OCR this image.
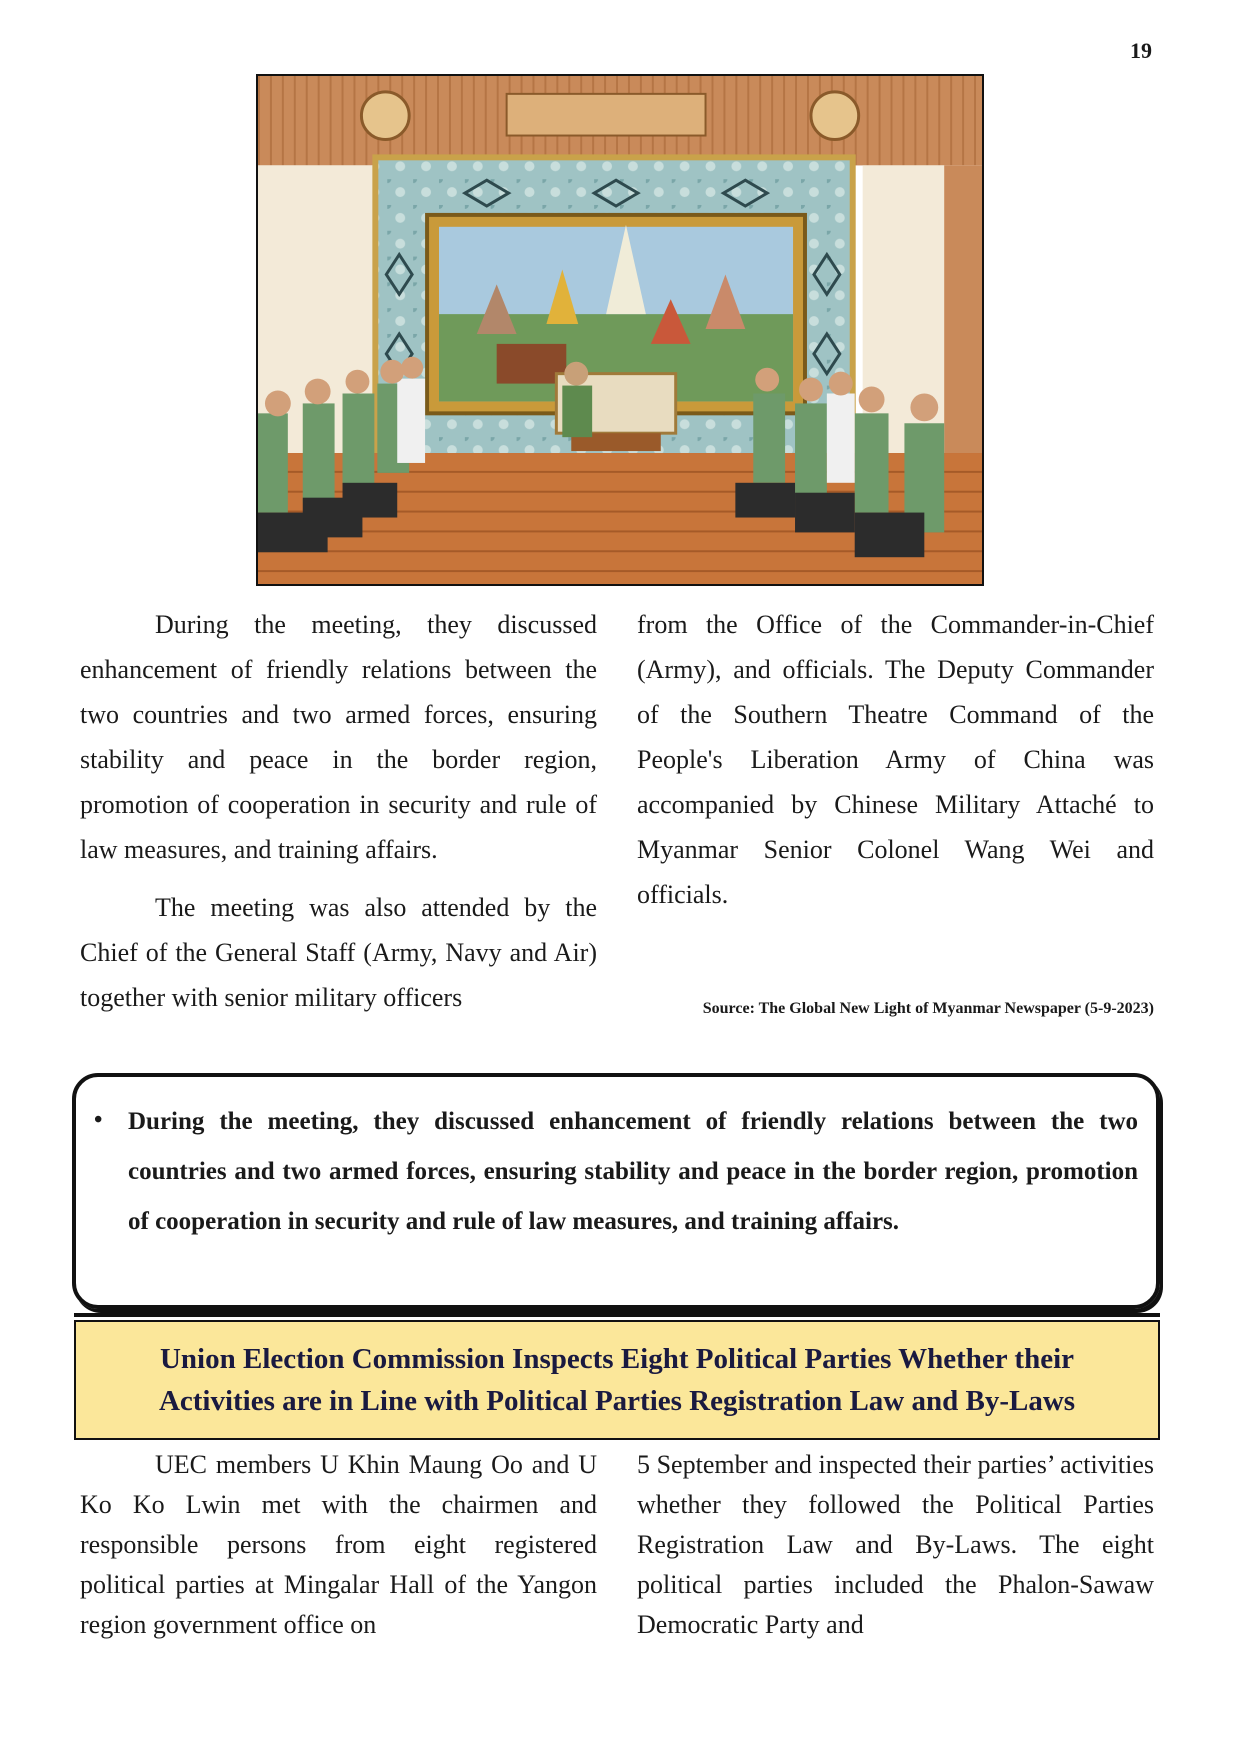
19

During the meeting, they discussed enhancement of friendly relations between the two countries and two armed forces, ensuring stability and peace in the border region, promotion of cooperation in security and rule of law measures, and training affairs.

The meeting was also attended by the Chief of the General Staff (Army, Navy and Air) together with senior military officers

from the Office of the Commander-in-Chief (Army), and officials. The Deputy Commander of the Southern Theatre Command of the People's Liberation Army of China was accompanied by Chinese Military Attaché to Myanmar Senior Colonel Wang Wei and officials.

Source: The Global New Light of Myanmar Newspaper (5-9-2023)
• During the meeting, they discussed enhancement of friendly relations between the two countries and two armed forces, ensuring stability and peace in the border region, promotion of cooperation in security and rule of law measures, and training affairs.
Union Election Commission Inspects Eight Political Parties Whether their Activities are in Line with Political Parties Registration Law and By-Laws

UEC members U Khin Maung Oo and U Ko Ko Lwin met with the chairmen and responsible persons from eight registered political parties at Mingalar Hall of the Yangon region government office on

5 September and inspected their parties’ activities whether they followed the Political Parties Registration Law and By-Laws. The eight political parties included the Phalon-Sawaw Democratic Party and
